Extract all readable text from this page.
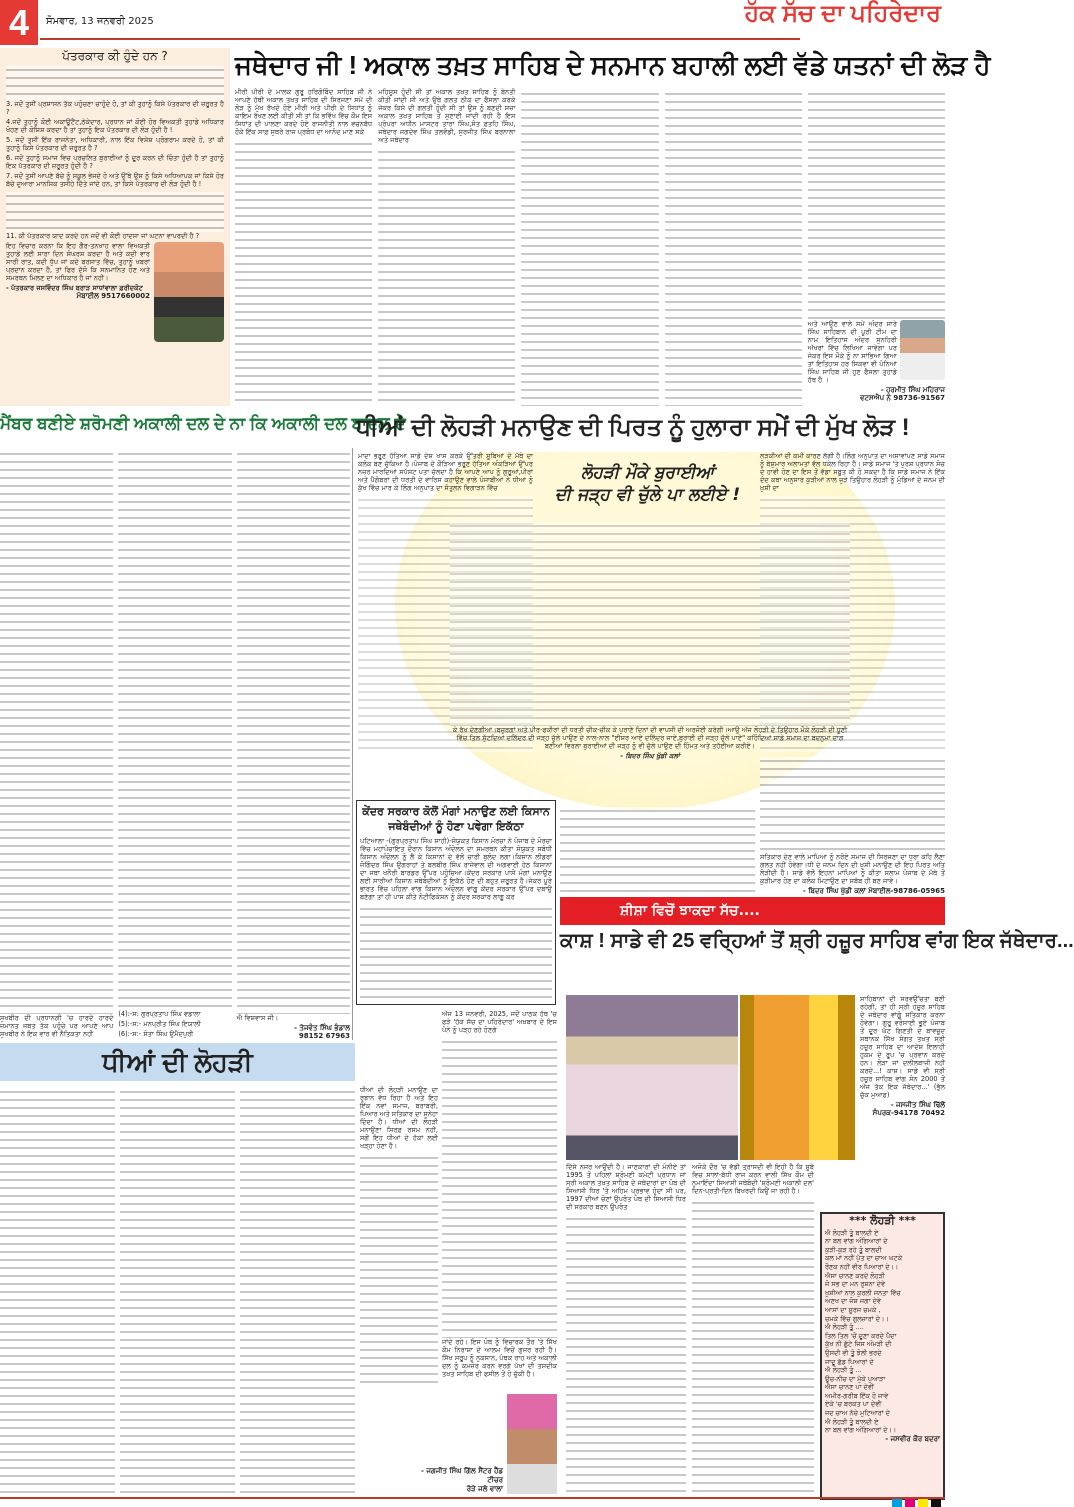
4	ਸੋਮਵਾਰ, 13 ਜਨਵਰੀ 2025	ਹੱਕ ਸੱਚ ਦਾ ਪਹਿਰੇਦਾਰ
ਪੱਤਰਕਾਰ ਕੀ ਹੁੰਦੇ ਹਨ ?

3. ਜਦੋਂ ਤੁਸੀਂ ਪ੍ਰਸ਼ਾਸਨ ਤੱਕ ਪਹੁੰਚਣਾ ਚਾਹੁੰਦੇ ਹੋ, ਤਾਂ ਕੀ ਤੁਹਾਨੂੰ ਕਿਸੇ ਪੱਤਰਕਾਰ ਦੀ ਜ਼ਰੂਰਤ ਹੈ ?

4.ਜਦੋਂ ਤੁਹਾਨੂੰ ਕੋਈ ਅਕਾਊਂਟੈਂਟ,ਠੇਕੇਦਾਰ, ਪ੍ਰਧਾਨ ਜਾਂ ਕੋਈ ਹੋਰ ਵਿਅਕਤੀ ਤੁਹਾਡੇ ਅਧਿਕਾਰ ਖੋਹਣ ਦੀ ਕੋਸ਼ਿਸ਼ ਕਰਦਾ ਹੈ ਤਾਂ ਤੁਹਾਨੂੰ ਇਕ ਪੱਤਰਕਾਰ ਦੀ ਲੋੜ ਹੁੰਦੀ ਹੈ !

5. ਜਦੋਂ ਤੁਸੀਂ ਇੱਕ ਰਾਜਨੇਤਾ, ਅਧਿਕਾਰੀ, ਨਾਲ ਇੱਕ ਵਿਸ਼ੇਸ਼ ਪ੍ਰੋਗਰਾਮ ਕਰਦੇ ਹੋ, ਤਾਂ ਕੀ ਤੁਹਾਨੂੰ ਕਿਸੇ ਪੱਤਰਕਾਰ ਦੀ ਜ਼ਰੂਰਤ ਹੈ ?

6. ਜਦੋਂ ਤੁਹਾਨੂੰ ਸਮਾਜ ਵਿਚ ਪ੍ਰਚਲਿਤ ਬੁਰਾਈਆਂ ਨੂੰ ਦੂਰ ਕਰਨ ਦੀ ਚਿੰਤਾ ਹੁੰਦੀ ਹੈ ਤਾਂ ਤੁਹਾਨੂੰ ਇਕ ਪੱਤਰਕਾਰ ਦੀ ਜ਼ਰੂਰਤ ਹੁੰਦੀ ਹੈ ?

7. ਜਦੋਂ ਤੁਸੀਂ ਆਪਣੇ ਬੱਚੇ ਨੂੰ ਸਕੂਲ ਭੇਜਦੇ ਹੋ ਅਤੇ ਉੱਥੇ ਉਸ ਨੂੰ ਕਿਸੇ ਅਧਿਆਪਕ ਜਾਂ ਕਿਸੇ ਹੋਰ ਬੱਚੇ ਦੁਆਰਾ ਮਾਨਸਿਕ ਤਸੀਹੇ ਦਿੱਤੇ ਜਾਂਦੇ ਹਨ, ਤਾਂ ਕਿਸੇ ਪੱਤਰਕਾਰ ਦੀ ਲੋੜ ਹੁੰਦੀ ਹੈ !

11. ਕੀ ਪੱਤਰਕਾਰ ਯਾਦ ਕਰਦੇ ਹਨ ਜਦੋਂ ਵੀ ਕੋਈ ਹਾਦਸਾ ਜਾਂ ਘਟਨਾ ਵਾਪਰਦੀ ਹੈ ?

ਇਹ ਵਿਚਾਰ ਕਰਨਾ ਕਿ ਇਹ ਗੈਰ-ਤਨਖਾਹ ਵਾਲਾ ਵਿਅਕਤੀ ਤੁਹਾਡੇ ਲਈ ਸਾਰਾ ਦਿਨ ਸੰਘਰਸ਼ ਕਰਦਾ ਹੈ ਅਤੇ ਕਦੀ ਵਾਰ ਸਾਰੀ ਰਾਤ, ਕਦੀ ਧੁੱਪ ਜਾਂ ਕਦੇ ਬਰਸਾਤ ਵਿੱਚ, ਤੁਹਾਨੂੰ ਖਬਰਾਂ ਪ੍ਰਦਾਨ ਕਰਦਾ ਹੈ, ਤਾਂ ਫਿਰ ਦੱਸੋ ਕਿ ਸਨਮਾਨਿਤ ਹੋਣ ਅਤੇ ਸਮਰਥਨ ਮਿਲਣ ਦਾ ਅਧਿਕਾਰ ਹੈ ਜਾਂ ਨਹੀਂ।

- ਪੱਤਰਕਾਰ ਜਸਵਿੰਦਰ ਸਿੰਘ ਬਰਾੜ ਸਾਧਾਂਵਾਲਾ ਫ਼ਰੀਦਕੋਟ
ਮੋਬਾਈਲ 9517660002
ਜਥੇਦਾਰ ਜੀ ! ਅਕਾਲ ਤਖ਼ਤ ਸਾਹਿਬ ਦੇ ਸਨਮਾਨ ਬਹਾਲੀ ਲਈ ਵੱਡੇ ਯਤਨਾਂ ਦੀ ਲੋੜ ਹੈ

ਮੀਰੀ ਪੀਰੀ ਦੇ ਮਾਲਕ ਗੁਰੂ ਹਰਿਗੋਬਿੰਦ ਸਾਹਿਬ ਜੀ ਨੇ ਆਪਣੇ ਹੱਥੀਂ ਅਕਾਲ ਤਖ਼ਤ ਸਾਹਿਬ ਦੀ ਸਿਰਜਣਾ ਸਮੇਂ ਦੀ ਲੋੜ ਨੂੰ ਮੁੱਖ ਰੱਖਦੇ ਹੋਏ ਮੀਰੀ ਅਤੇ ਪੀਰੀ ਦੇ ਸਿਧਾਂਤ ਨੂੰ ਕਾਇਮ ਰੱਖਣ ਲਈ ਕੀਤੀ ਸੀ ਤਾਂ ਕਿ ਭਵਿੱਖ ਵਿੱਚ ਕੌਮ ਇਸ ਸਿਧਾਂਤ ਦੀ ਪਾਲਣਾ ਕਰਦੇ ਹੋਏ ਰਾਜਨੀਤੀ ਨਾਲ ਵਚਨਬੱਧ ਹੋਕੇ ਇੱਕ ਸਾਫ਼ ਸੁਥਰੇ ਰਾਜ ਪ੍ਰਬੰਧ ਦਾ ਆਨੰਦ ਮਾਣ ਸਕੇ

ਮਹਿਸੂਸ ਹੁੰਦੀ ਸੀ ਤਾਂ ਅਕਾਲ ਤਖ਼ਤ ਸਾਹਿਬ ਨੂੰ ਬੇਨਤੀ ਕੀਤੀ ਜਾਂਦੀ ਸੀ ਅਤੇ ਉਥੇ ਗਲਤ ਠੀਕ ਦਾ ਫੈਸਲਾ ਕਰਕੇ ਜੇਕਰ ਕਿਸੇ ਦੀ ਗਲਤੀ ਹੁੰਦੀ ਸੀ ਤਾਂ ਉਸ ਨੂੰ ਬਣਦੀ ਸਜ਼ਾ ਅਕਾਲ ਤਖ਼ਤ ਸਾਹਿਬ ਤੋਂ ਸੁਣਾਈ ਜਾਂਦੀ ਰਹੀ ਹੈ ਇਸ ਪ੍ਰੰਪਰਾ ਅਧੀਨ ਮਾਸਟਰ ਤਾਰਾ ਸਿੰਘ,ਸੰਤ ਫ਼ਤਹਿ ਸਿੰਘ, ਜਥੇਦਾਰ ਜਗਦੇਵ ਸਿੰਘ ਤਲਵੰਡੀ, ਸੁਰਜੀਤ ਸਿੰਘ ਬਰਨਾਲਾ ਅਤੇ ਜਥੇਦਾਰ

ਅਤੇ ਆਉਣ ਵਾਲੇ ਸਮੇਂ ਅੰਦਰ ਸਾਰੇ ਸਿੰਘ ਸਾਹਿਬਾਨ ਦੀ ਪੂਰੀ ਟੀਮ ਦਾ ਨਾਮ ਇਤਿਹਾਸ ਅੰਦਰ ਸੁਨਹਿਰੀ ਅੱਖਰਾਂ ਵਿੱਚ ਲਿਖਿਆ ਜਾਵੇਗਾ ਪਰ ਜੇਕਰ ਇਸ ਮੌਕੇ ਨੂੰ ਨਾ ਸਾਂਭਿਆ ਗਿਆ ਤਾਂ ਇਤਿਹਾਸ ਹਰ ਸਿਕਵਾ ਵੀ ਪੰਨਿਆਂ ਸਿੰਘ ਸਾਹਿਬ ਜੀ ਹੁਣ ਫੈਸਲਾ ਤੁਹਾਡੇ ਹੱਥ ਹੈ ।

- ਹਰਮੀਤ ਸਿੰਘ ਮਹਿਰਾਜ
ਵਟਸਐਪ ਨੰ 98736-91567
ਮੈਂਬਰ ਬਣੀਏ ਸ਼ਰੋਮਣੀ ਅਕਾਲੀ ਦਲ ਦੇ ਨਾ ਕਿ ਅਕਾਲੀ ਦਲ ਬਾਦਲ ਦੇ

ਸੁਖਬੀਰ ਦੀ ਪ੍ਰਧਾਨਗੀ 'ਚ ਹਾਰਦੇ ਹਾਰਦੇ ਜ਼ਮਾਨਤ ਜ਼ਬਤ ਤੱਕ ਪਹੁੰਚੇ ਪਰ ਆਪਣੇ ਆਪ ਸੁਖਬੀਰ ਨੇ ਇਕ ਵਾਰ ਵੀ ਨੈਤਿਕਤਾ ਨਹੀਂ

(4):-ਸ: ਗੁਰਪ੍ਰਤਾਪ ਸਿੰਘ ਵਡਾਲਾ

(5):-ਸ:- ਮਨਪ੍ਰੀਤ ਸਿੰਘ ਇਯਾਲੀ

(6):-ਸ:- ਸੰਤਾ ਸਿੰਘ ਉਮੈਦਪੁਰੀ

ਐ ਵਿਸ਼ਵਾਸ ਜੀ।

- ਤੇਜਵੰਤ ਸਿੰਘ ਭੰਡਾਲ
98152 67963
ਧੀਆਂ ਦੀ ਲੋਹੜੀ ਮਨਾਉਣ ਦੀ ਪਿਰਤ ਨੂੰ ਹੁਲਾਰਾ ਸਮੇਂ ਦੀ ਮੁੱਖ ਲੋੜ !

ਮਾਦਾ ਭਰੂਣ ਹੱਤਿਆ ਸਾਡੇ ਦੇਸ਼ ਖਾਸ ਕਰਕੇ ਉੱਤਰੀ ਸੂਬਿਆਂ ਦੇ ਮੱਥੇ ਦਾ ਕਲੰਕ ਬਣ ਚੁੱਕਿਆ ਹੈ।ਪੰਜਾਬ ਦੇ ਕੌੜਿਆ ਭਰੂਣ ਹੱਤਿਆ ਅੰਕੜਿਆਂ ਉੱਪਰ ਨਜ਼ਰ ਮਾਰਦਿਆਂ ਸਪੱਸ਼ਟ ਪਤਾ ਚੱਲਦਾ ਹੈ ਕਿ ਆਪਣੇ ਆਪ ਨੂੰ ਗੁਰੂਆਂ,ਪੀਰਾਂ ਅਤੇ ਪੈਗੰਬਰਾਂ ਦੀ ਧਰਤੀ ਦੇ ਵਾਰਿਸ ਕਹਾਉਣ ਵਾਲੇ ਪੰਜਾਬੀਆਂ ਨੇ ਧੀਆਂ ਨੂੰ ਕੁੱਖ ਵਿੱਚ ਮਾਰ ਕੇ ਲਿੰਗ ਅਨੁਪਾਤ ਦਾ ਸੰਤੁਲਨ ਵਿਗਾੜਨ ਵਿੱਚ

ਲੜਕੀਆਂ ਦੀ ਕਮੀ ਕਾਰਣ ਲੱਗੀ ਹੈ।ਲਿੰਗ ਅਨੁਪਾਤ ਦਾ ਅਸਾਵਾਂਪਣ ਸਾਡੇ ਸਮਾਜ ਨੂੰ ਬੇਸ਼ੁਮਾਰ ਅਲਾਮਤਾਂ ਵੱਲ ਧਕੇਲ ਰਿਹਾ ਹੈ। ਸਾਡੇ ਸਮਾਜ 'ਤੇ ਪੁਰਸ਼ ਪ੍ਰਧਾਨ ਸੋਚ ਦੇ ਹਾਵੀ ਹੋਣ ਦਾ ਇਸ ਤੋਂ ਵੱਡਾ ਸਬੂਤ ਕੀ ਹੋ ਸਕਦਾ ਹੈ ਕਿ ਸਾਡੇ ਸਮਾਜ ਨੇ ਇੱਕ ਦੰਦ ਕਥਾ ਅਨੁਸਾਰ ਕੁੜੀਆਂ ਨਾਲ ਜੁੜੇ ਤਿਉਹਾਰ ਲੋਹੜੀ ਨੂੰ ਮੁੰਡਿਆਂ ਦੇ ਜਨਮ ਦੀ ਖ਼ੁਸ਼ੀ ਦਾ

ਲੋਹੜੀ ਮੌਕੇ ਬੁਰਾਈਆਂ
ਦੀ ਜੜ੍ਹ ਵੀ ਚੁੱਲੇ ਪਾ ਲਈਏ !

ਕੇ ਰੱਖ ਦੇਣਗੀਆਂ।ਬਜ਼ੁਰਗਾਂ ਅਤੇ ਪੀਰ-ਫਕੀਰਾਂ ਦੀ ਧਰਤੀ ਚੀਕ-ਚੀਕ ਕੇ ਪੁਰਾਣੇ ਦਿਨਾਂ ਦੀ ਵਾਪਸੀ ਦੀ ਅਰਜੋਈ ਕਰੇਗੀ।ਆਉ ਅੱਜ ਲੋਹੜੀ ਦੇ ਤਿਉਹਾਰ ਮੌਕੇ ਲੋਹੜੀ ਦੀ ਧੂਣੀ ਵਿੱਚ ਤਿਲ ਸੁੱਟਦਿਆਂ ਦਲਿੱਦਰ ਦੀ ਜੜ੍ਹ ਚੁੱਲੇ ਪਾਉਣ ਦੇ ਨਾਲ-ਨਾਲ "ਈਸ਼ਰ ਆਏ ਦਲਿੱਦਰ ਜਾਏ,ਬੁਰਾਈ ਦੀ ਜੜ੍ਹ ਚੁੱਲੇ ਪਾਏ" ਕਹਿੰਦਿਆਂ ਸਾਡੇ ਸਮਾਜ ਦਾ ਬਦਨੁਮਾ ਦਾਗ ਬਣੀਆਂ ਵਿਰਲਾ ਬੁਰਾਈਆਂ ਦੀ ਜੜ੍ਹ ਨੂੰ ਵੀ ਚੁੱਲੇ ਪਾਉਣ ਦੀ ਹਿੰਮਤ ਅਤੇ ਤਹੱਈਆ ਕਰੀਏ।

- ਬਿਦਰ ਸਿੰਘ ਖੁੱਡੀ ਕਲਾਂ

ਸਤਿਕਾਰ ਦੇਣ ਵਾਲੇ ਮਾਪਿਆਂ ਨੂੰ ਨਰੋਏ ਸਮਾਜ ਦੀ ਸਿਰਜਣਾ ਦਾ ਧੁਰਾ ਕਹਿ ਲੈਣਾ ਗਲਤ ਨਹੀਂ ਹੋਵੇਗਾ।ਧੀ ਦੇ ਜਨਮ ਦਿਨ ਦੀ ਖ਼ੁਸ਼ੀ ਮਨਾਉਣ ਦੀ ਇਹ ਪਿਰਤ ਅਤਿ ਲੋੜੀਂਦੀ ਹੈ। ਸਾਡੇ ਵੱਲੋਂ ਇਹਨਾਂ ਮਾਪਿਆਂ ਨੂੰ ਕੀਤਾ ਸਲਾਮ ਪੰਜਾਬ ਦੇ ਮੱਥੇ ਤੋਂ ਕੁੜੀਮਾਰ ਹੋਣ ਦਾ ਕਲੰਕ ਮਿਟਾਉਣ ਦਾ ਸਬੱਬ ਹੀ ਬਣ ਜਾਵੇ।

- ਬਿਦਰ ਸਿੰਘ ਖੁੱਡੀ ਕਲਾਂ ਮੋਬਾਈਲ-98786-05965
ਕੇਂਦਰ ਸਰਕਾਰ ਕੋਲੋਂ ਮੰਗਾਂ ਮਨਾਉਣ ਲਈ ਕਿਸਾਨ ਜਥੇਬੰਦੀਆਂ ਨੂੰ ਹੋਣਾ ਪਵੇਗਾ ਇਕੱਠਾ

ਪਟਿਆਲਾ -(ਗੁਰਪ੍ਰਤਾਪ ਸਿੰਘ ਸਾਹੀ)-ਸੰਯੁਕਤ ਕਿਸਾਨ ਮੋਰਚਾ ਨੇ ਪੰਜਾਬ ਦੇ ਮੋਰਚਾ ਵਿੱਚ ਮਹਾਂਪੰਚਾਇਤ ਦੌਰਾਨ ਕਿਸਾਨ ਅੰਦੋਲਨ ਦਾ ਸਮਰਥਨ ਕੀਤਾ ਸੰਯੁਕਤ ਸਬੰਧੀ ਕਿਸਾਨ ਅੰਦੋਲਨ ਨੂੰ ਲੈ ਕੇ ਕਿਸਾਨਾਂ ਦੇ ਵੱਲੋਂ ਚਾਰੀ ਬੁਲੰਦ ਲਗਾ।ਕਿਸਾਨ ਲੀਡਰਾਂ ਜੋਗਿੰਦਰ ਸਿੰਘ ਉਗਰਾਹਾਂ ਤੇ ਬਲਬੀਰ ਸਿੰਘ ਰਾਜੇਵਾਲ ਦੀ ਅਗਵਾਈ ਹੇਠ ਕਿਸਾਨਾਂ ਦਾ ਜਥਾ ਖਨੌਰੀ ਬਾਰਡਰ ਉੱਪਰ ਪਹੁੰਚਿਆ।ਕੇਂਦਰ ਸਰਕਾਰ ਪਾਸੋਂ ਮੰਗਾਂ ਮਨਾਉਣ ਲਈ ਸਾਰੀਆਂ ਕਿਸਾਨ ਜਥੇਬੰਦੀਆਂ ਨੂੰ ਇਕੱਠੇ ਹੋਣ ਦੀ ਬਹੁਤ ਜ਼ਰੂਰਤ ਹੈ।ਜੇਕਰ ਪੂਰੇ ਭਾਰਤ ਵਿੱਚ ਪਹਿਲਾ ਵਾਂਗ ਕਿਸਾਨ ਅੰਦੋਲਨ ਵਾਂਗੂ ਕੇਂਦਰ ਸਰਕਾਰ ਉੱਪਰ ਦਬਾਉ ਬਣੇਗਾ ਤਾਂ ਹੀ ਪਾਸ ਕੀਤੇ ਨੋਟੀਫਿਕੇਸ਼ਨ ਨੂੰ ਕੇਂਦਰ ਸਰਕਾਰ ਲਾਗੂ ਕਰ

ਸ਼ੀਸ਼ਾ ਵਿਚੋਂ ਝਾਕਦਾ ਸੱਚ....
ਕਾਸ਼ ! ਸਾਡੇ ਵੀ 25 ਵਰ੍ਹਿਆਂ ਤੋਂ ਸ਼੍ਰੀ ਹਜ਼ੂਰ ਸਾਹਿਬ ਵਾਂਗ ਇਕ ਜੱਥੇਦਾਰ...

ਸਾਹਿਬਾਨਾਂ ਦੀ ਸਰਵਉੱਚਤਾ ਬਣੀ ਰਹੇਗੀ, ਤਾਂ ਹੀ ਸ੍ਰੀ ਹਜ਼ੂਰ ਸਾਹਿਬ ਦੇ ਜਥੇਦਾਰ ਵਾਂਗੂੰ ਸਤਿਕਾਰ ਕਰਨਾ ਹੋਵੇਗਾ। ਗੁਰੂ ਵਰੋਸਾਈ ਭੂਏ ਪੰਜਾਬ ਤੋਂ ਦੂਰ ਘੱਟ ਗਿਣਤੀ ਦੇ ਬਾਵਜੂਦ ਸਥਾਨਕ ਸਿੱਖ ਸੰਗਤ ਤਖ਼ਤ ਸ੍ਰੀ ਹਜ਼ੂਰ ਸਾਹਿਬ ਦਾ ਆਦੇਸ਼ ਇਲਾਹੀ ਹੁਕਮ ਦੇ ਰੂਪ 'ਚ ਪ੍ਰਵਾਨ ਕਰਦੇ ਹਨ। ਲੋੜਾ ਜਾਂ ਦਲੀਲਬਾਜ਼ੀ ਨਹੀਂ ਕਰਦੇ...! ਕਾਸ਼। ਸਾਡੇ ਵੀ ਸ੍ਰੀ ਹਜ਼ੂਰ ਸਾਹਿਬ ਵਾਂਗ ਸੰਨ 2000 ਤੋਂ ਅੱਜ ਤੱਕ ਇਕ ਜੱਥੇਦਾਰ...' (ਭੁੱਲ ਚੁੱਕ ਮੁਆਫ਼)

- ਜਸਜੀਤ ਸਿੰਘ ਢਿੱਲੋਂ
ਸੰਪਰਕ-94178 70492

ਅੱਜ 13 ਜਨਵਰੀ, 2025, ਜਦੋਂ ਪਾਠਕ ਹੱਥ 'ਚ ਫੜੇ 'ਹੱਕ ਸੱਚ ਦਾ ਪਹਿਰੇਦਾਰ' ਅਖ਼ਬਾਰ ਦੇ ਇਸ ਪੰਨੇ ਨੂੰ ਪੜ੍ਹ ਰਹੇ ਹੋਣਗੇ

ਜਾਂਦੇ ਰਹੇ। ਇਸ ਪੰਥ ਨੂੰ ਵਿਚਾਰਕ ਤੌਰ 'ਤੇ ਸਿੱਖ ਕੌਮ ਨਿਰਾਸ਼ਾ ਦੇ ਆਲਮ ਵਿਚੋਂ ਗੁਜ਼ਰ ਰਹੀ ਹੈ। ਸਿੱਖ ਸਰੂਪ ਨੂੰ ਨੁਕਸਾਨ, ਪੰਥਕ ਰਾਹ ਅਤੇ ਅਕਾਲੀ ਦਲ ਨੂੰ ਕਮਜ਼ੋਰ ਕਰਨ ਵਰਗੇ ਪੱਖਾਂ ਦੀ ਤਸਦੀਕ ਤਖ਼ਤ ਸਾਹਿਬ ਦੀ ਫਸੀਲ ਤੋਂ ਹੋ ਚੁੱਕੀ ਹੈ।

ਦਿੱਸੇ ਨਜ਼ਰ ਆਉਂਦੀ ਹੈ। ਜਾਣਕਾਰਾਂ ਦੀ ਮੰਨੀਏ ਤਾਂ 1995 ਤੋਂ ਪਹਿਲਾਂ ਸ਼੍ਰੋਮਣੀ ਕਮੇਟੀ ਪ੍ਰਧਾਨ ਜਾਂ ਸ੍ਰੀ ਅਕਾਲ ਤਖ਼ਤ ਸਾਹਿਬ ਦੇ ਜਥੇਦਾਰਾਂ ਦਾ ਪੰਥ ਦੀ ਸਿਆਸੀ ਧਿਰ 'ਤੇ ਅਹਿਮ ਪ੍ਰਭਾਵ ਹੁੰਦਾ ਸੀ ਪਰ, 1997 ਦੀਆਂ ਚੋਣਾਂ ਉਪਰੰਤ ਪੰਥ ਦੀ ਸਿਆਸੀ ਧਿਰ ਦੀ ਸਰਕਾਰ ਬਣਨ ਉਪਰੰਤ

ਅਜੋਕੇ ਦੌਰ 'ਚ ਵੱਡੀ ਤ੍ਰਾਸਦੀ ਵੀ ਇਹੀ ਹੈ ਕਿ ਸੂਬੇ ਵਿਚ ਸਾਲਾਂ-ਬੱਧੀ ਰਾਜ ਕਰਨ ਵਾਲੀ ਸਿੱਖ ਕੌਮ ਦੀ ਨੁਮਾਇੰਦਾ ਸਿਆਸੀ ਜਥੇਬੰਦੀ 'ਸ਼੍ਰੋਮਣੀ ਅਕਾਲੀ ਦਲ' ਦਿਨ-ਪ੍ਰਤੀ-ਦਿਨ ਬਿਖਰਦੀ ਕਿਉਂ ਜਾ ਰਹੀ ਹੈ।

*** ਲੋਹੜੀ ***
ਐ ਲੋਹੜੀ ਤੂੰ ਬਾਲਦੀ ਏ
ਨਾ ਬਲ ਵਾਂਗ ਅੰਗਿਆਰਾਂ ਦੇ
ਕੁੜੀ-ਕੁੜ ਰਹੇ ਤੂੰ ਬਾਲਦੀ
ਕਲ ਮਾਂ ਨਹੀਂ ਪੁੱਤ ਦਾ ਚਾਅ ਘਟਕੇ
ਰੌਣਕ ਨਹੀਂ ਵੀਰ ਪਿਆਰਾਂ ਦੇ।।
ਐਸਾ ਚਾਨਣ ਕਰਦੇ ਲੋਹੜੀ
ਜੋ ਸਭ ਦਾ ਮਨ ਰੁਸ਼ਨਾ ਦੇਵੇ
ਖੁਸ਼ੀਆਂ ਨਾਲ ਕੁਰਲੀ ਜਨਤਾ ਵਿੱਚ
ਅਣਖ ਦਾ ਜੋਸ਼ ਜਗਾ ਦੇਵੇ
ਆਸਾਂ ਦਾ ਸੂਰਜ ਚਮਕੇ ,
ਚਮਕੇ ਵਿੱਚ ਗੁਲਜ਼ਾਰਾਂ ਦੇ।।
ਐ ਲੋਹੜੀ ਤੂੰ ....
ਤਿਲ ਤਿਲ 'ਚੋਂ ਦੂਣਾ ਕਰਦੇ ਪੈਦਾ
ਕੁੱਖ ਨੀ ਛੁੱਟੇ ਜਿਸ ਅੰਮੜੀ ਦੀ
ਉਸਦੀ ਵੀ ਤੂੰ ਝੋਲੀ ਭਰਦੇ
ਜਾਦੂ ਛੱਡ ਪਿਆਰਾਂ ਦੇ
ਐ ਲੋਹੜੀ ਤੂੰ ...
ਊਚ-ਨੀਚ ਦਾ ਮੁੱਕੇ ਪੁਆੜਾ
ਐਸਾ ਚਾਨਣ ਪਾ ਦੇਵੀਂ
ਅਮੀਰ-ਗਰੀਬ ਇੱਕ ਹੋ ਜਾਵੇ
ਏਕੇ 'ਚ ਬਰਕਤ ਪਾ ਦੇਵੀਂ
ਜਦ ਚਾਅ ਨੱਚੇ ਮੁਟਿਆਰਾਂ ਦੇ
ਐ ਲੋਹੜੀ ਤੂੰ ਬਾਲਦੀ ਏ
ਨਾ ਬਲ ਵਾਂਗ ਅੰਗਿਆਰਾਂ ਦੇ।।
- ਜਸਵੀਰ ਕੌਰ ਬਦਰਾ
ਧੀਆਂ ਦੀ ਲੋਹੜੀ

ਧੀਆਂ ਦੀ ਲੋਹੜੀ ਮਨਾਉਣ ਦਾ ਰੁਝਾਨ ਵੱਧ ਰਿਹਾ ਹੈ ਅਤੇ ਇਹ ਇੱਕ ਨਵਾਂ ਸਮਾਜ, ਬਰਾਬਰੀ, ਪਿਆਰ ਅਤੇ ਸਤਿਕਾਰ ਦਾ ਸੁਨੇਹਾ ਦਿੰਦਾ ਹੈ। ਧੀਆਂ ਦੀ ਲੋਹੜੀ ਮਨਾਉਣਾ ਸਿਰਫ਼ ਰਸਮ ਨਹੀਂ, ਸਗੋਂ ਇਹ ਧੀਆਂ ਦੇ ਹੱਕਾਂ ਲਈ ਖੜ੍ਹਾ ਹੋਣਾ ਹੈ।

- ਜਗਜੀਤ ਸਿੰਘ ਗਿੱਲ ਸੈਂਟਰ ਹੈੱਡ
ਟੀਚਰ
ਰੋੜੇ ਜਲੇ ਵਾਲਾ
